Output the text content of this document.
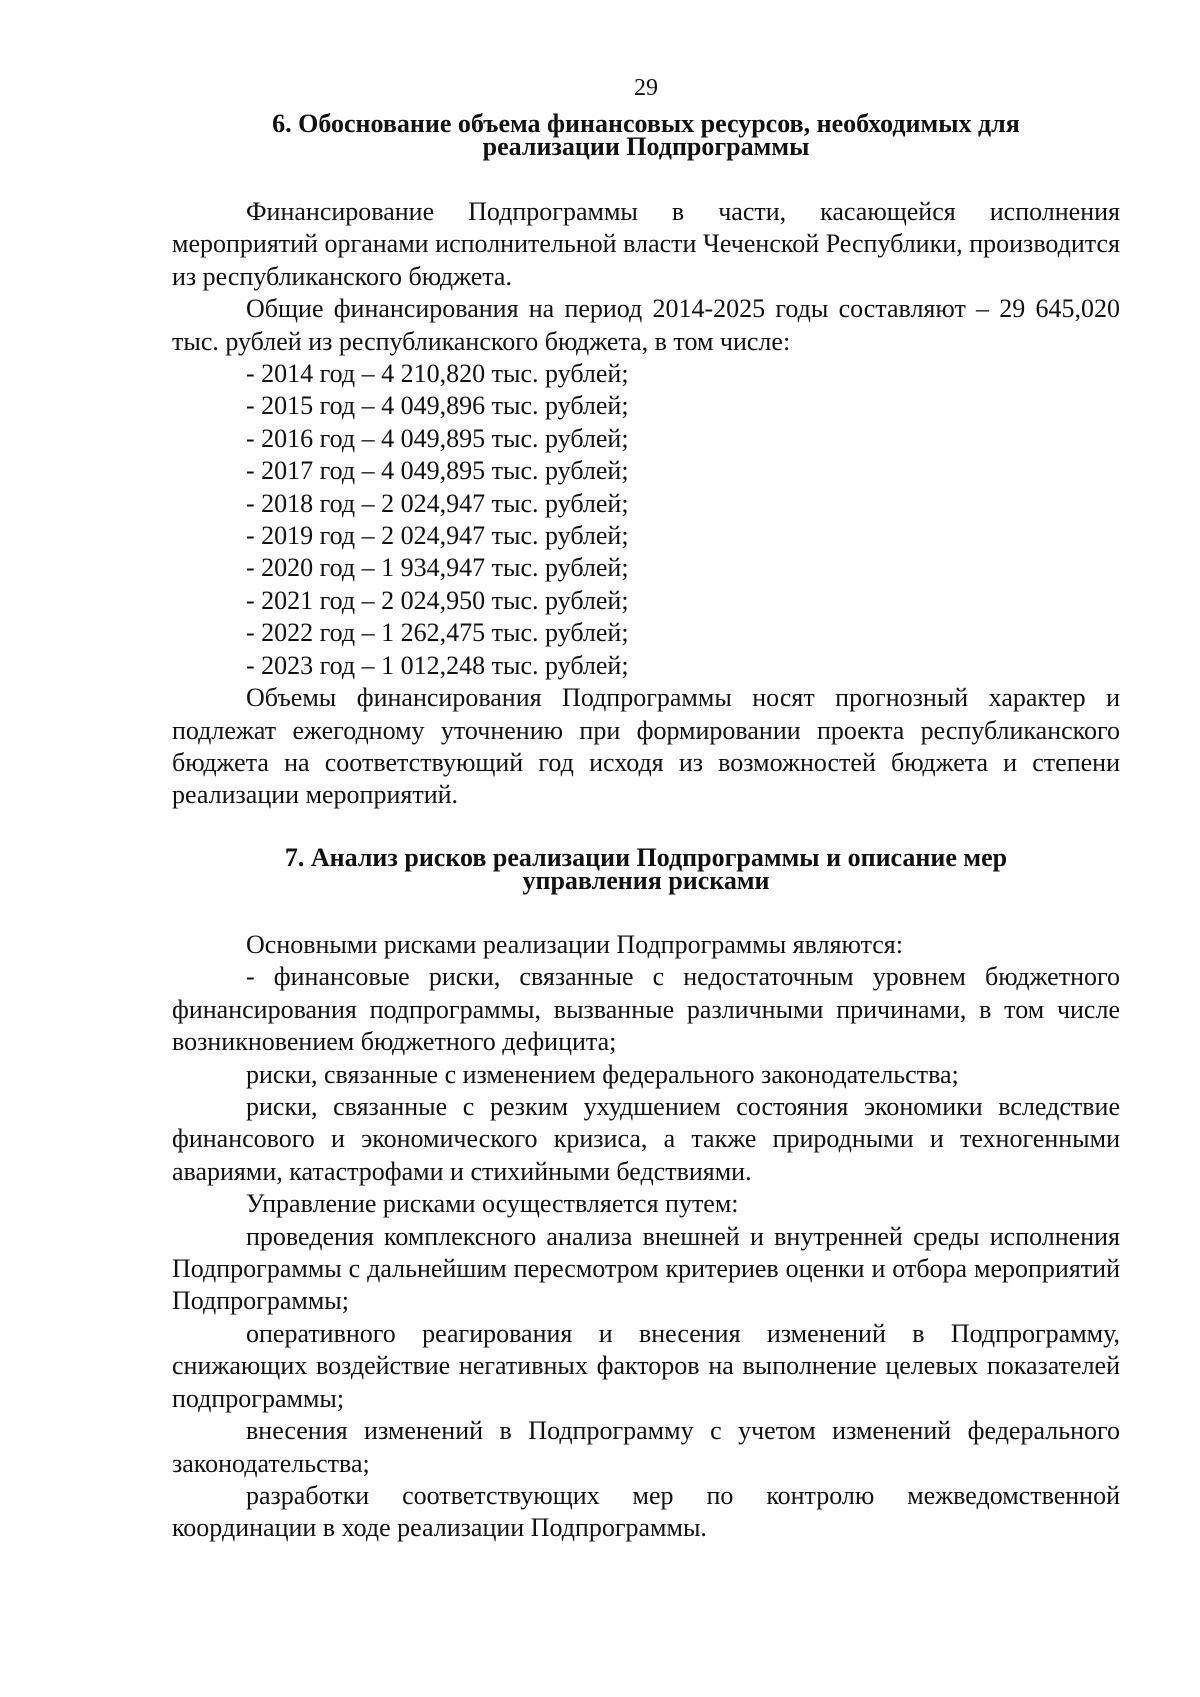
29
6. Обоснование объема финансовых ресурсов, необходимых для
реализации Подпрограммы

Финансирование Подпрограммы в части, касающейся исполнения мероприятий органами исполнительной власти Чеченской Республики, производится из республиканского бюджета.

Общие финансирования на период 2014-2025 годы составляют – 29 645,020 тыс. рублей из республиканского бюджета, в том числе:

- 2014 год – 4 210,820 тыс. рублей;

- 2015 год – 4 049,896 тыс. рублей;

- 2016 год – 4 049,895 тыс. рублей;

- 2017 год – 4 049,895 тыс. рублей;

- 2018 год – 2 024,947 тыс. рублей;

- 2019 год – 2 024,947 тыс. рублей;

- 2020 год – 1 934,947 тыс. рублей;

- 2021 год – 2 024,950 тыс. рублей;

- 2022 год – 1 262,475 тыс. рублей;

- 2023 год – 1 012,248 тыс. рублей;

Объемы финансирования Подпрограммы носят прогнозный характер и подлежат ежегодному уточнению при формировании проекта республиканского бюджета на соответствующий год исходя из возможностей бюджета и степени реализации мероприятий.

7. Анализ рисков реализации Подпрограммы и описание мер
управления рисками

Основными рисками реализации Подпрограммы являются:

- финансовые риски, связанные с недостаточным уровнем бюджетного финансирования подпрограммы, вызванные различными причинами, в том числе возникновением бюджетного дефицита;

риски, связанные с изменением федерального законодательства;

риски, связанные с резким ухудшением состояния экономики вследствие финансового и экономического кризиса, а также природными и техногенными авариями, катастрофами и стихийными бедствиями.

Управление рисками осуществляется путем:

проведения комплексного анализа внешней и внутренней среды исполнения Подпрограммы с дальнейшим пересмотром критериев оценки и отбора мероприятий Подпрограммы;

оперативного реагирования и внесения изменений в Подпрограмму, снижающих воздействие негативных факторов на выполнение целевых показателей подпрограммы;

внесения изменений в Подпрограмму с учетом изменений федерального законодательства;

разработки соответствующих мер по контролю межведомственной координации в ходе реализации Подпрограммы.
